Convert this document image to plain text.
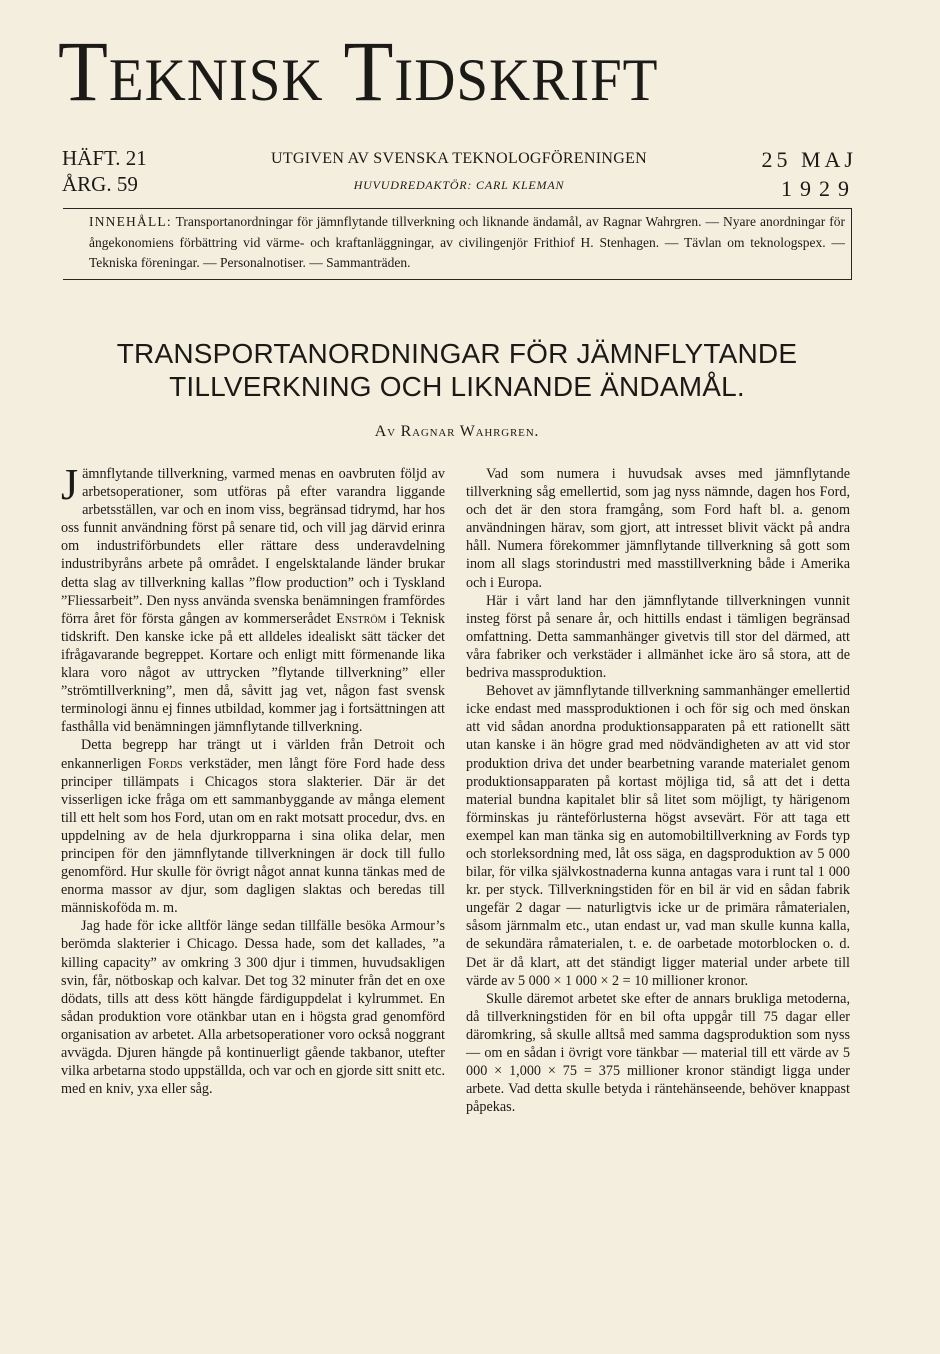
Teknisk Tidskrift
HÄFT. 21
ÅRG. 59
UTGIVEN AV SVENSKA TEKNOLOGFÖRENINGEN
HUVUDREDAKTÖR: CARL KLEMAN
25 MAJ
1929
INNEHÅLL: Transportanordningar för jämnflytande tillverkning och liknande ändamål, av Ragnar Wahrgren. — Nyare anordningar för ångekonomiens förbättring vid värme- och kraftanläggningar, av civilingenjör Frithiof H. Stenhagen. — Tävlan om teknologspex. — Tekniska föreningar. — Personalnotiser. — Sammanträden.
TRANSPORTANORDNINGAR FÖR JÄMNFLYTANDE TILLVERKNING OCH LIKNANDE ÄNDAMÅL.
Av Ragnar Wahrgren.

Jämnflytande tillverkning, varmed menas en oavbruten följd av arbetsoperationer, som utföras på efter varandra liggande arbetsställen, var och en inom viss, begränsad tidrymd, har hos oss funnit användning först på senare tid, och vill jag därvid erinra om industriförbundets eller rättare dess underavdelning industribyråns arbete på området. I engelsktalande länder brukar detta slag av tillverkning kallas ”flow production” och i Tyskland ”Fliessarbeit”. Den nyss använda svenska benämningen framfördes förra året för första gången av kommerserådet Enström i Teknisk tidskrift. Den kanske icke på ett alldeles idealiskt sätt täcker det ifrågavarande begreppet. Kortare och enligt mitt förmenande lika klara voro något av uttrycken ”flytande tillverkning” eller ”strömtillverkning”, men då, såvitt jag vet, någon fast svensk terminologi ännu ej finnes utbildad, kommer jag i fortsättningen att fasthålla vid benämningen jämnflytande tillverkning.

Detta begrepp har trängt ut i världen från Detroit och enkannerligen Fords verkstäder, men långt före Ford hade dess principer tillämpats i Chicagos stora slakterier. Där är det visserligen icke fråga om ett sammanbyggande av många element till ett helt som hos Ford, utan om en rakt motsatt procedur, dvs. en uppdelning av de hela djurkropparna i sina olika delar, men principen för den jämnflytande tillverkningen är dock till fullo genomförd. Hur skulle för övrigt något annat kunna tänkas med de enorma massor av djur, som dagligen slaktas och beredas till människoföda m. m.

Jag hade för icke alltför länge sedan tillfälle besöka Armour’s berömda slakterier i Chicago. Dessa hade, som det kallades, ”a killing capacity” av omkring 3 300 djur i timmen, huvudsakligen svin, får, nötboskap och kalvar. Det tog 32 minuter från det en oxe dödats, tills att dess kött hängde färdiguppdelat i kylrummet. En sådan produktion vore otänkbar utan en i högsta grad genomförd organisation av arbetet. Alla arbetsoperationer voro också noggrant avvägda. Djuren hängde på kontinuerligt gående takbanor, utefter vilka arbetarna stodo uppställda, och var och en gjorde sitt snitt etc. med en kniv, yxa eller såg.

Vad som numera i huvudsak avses med jämnflytande tillverkning såg emellertid, som jag nyss nämnde, dagen hos Ford, och det är den stora framgång, som Ford haft bl. a. genom användningen härav, som gjort, att intresset blivit väckt på andra håll. Numera förekommer jämnflytande tillverkning så gott som inom all slags storindustri med masstillverkning både i Amerika och i Europa.

Här i vårt land har den jämnflytande tillverkningen vunnit insteg först på senare år, och hittills endast i tämligen begränsad omfattning. Detta sammanhänger givetvis till stor del därmed, att våra fabriker och verkstäder i allmänhet icke äro så stora, att de bedriva massproduktion.

Behovet av jämnflytande tillverkning sammanhänger emellertid icke endast med massproduktionen i och för sig och med önskan att vid sådan anordna produktionsapparaten på ett rationellt sätt utan kanske i än högre grad med nödvändigheten av att vid stor produktion driva det under bearbetning varande materialet genom produktionsapparaten på kortast möjliga tid, så att det i detta material bundna kapitalet blir så litet som möjligt, ty härigenom förminskas ju ränteförlusterna högst avsevärt. För att taga ett exempel kan man tänka sig en automobiltillverkning av Fords typ och storleksordning med, låt oss säga, en dagsproduktion av 5 000 bilar, för vilka självkostnaderna kunna antagas vara i runt tal 1 000 kr. per styck. Tillverkningstiden för en bil är vid en sådan fabrik ungefär 2 dagar — naturligtvis icke ur de primära råmaterialen, såsom järnmalm etc., utan endast ur, vad man skulle kunna kalla, de sekundära råmaterialen, t. e. de oarbetade motorblocken o. d. Det är då klart, att det ständigt ligger material under arbete till värde av 5 000 × 1 000 × 2 = 10 millioner kronor.

Skulle däremot arbetet ske efter de annars brukliga metoderna, då tillverkningstiden för en bil ofta uppgår till 75 dagar eller däromkring, så skulle alltså med samma dagsproduktion som nyss — om en sådan i övrigt vore tänkbar — material till ett värde av 5 000 × 1,000 × 75 = 375 millioner kronor ständigt ligga under arbete. Vad detta skulle betyda i räntehänseende, behöver knappast påpekas.
